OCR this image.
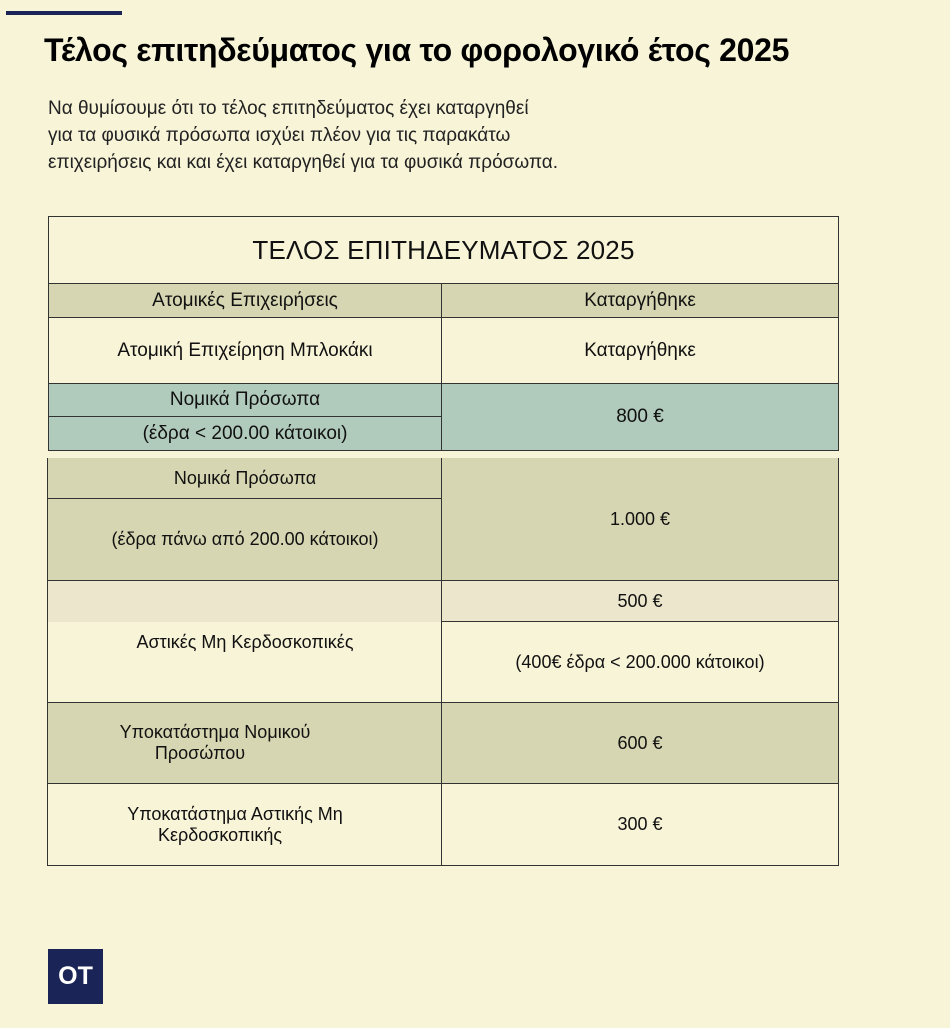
Τέλος επιτηδεύματος για το φορολογικό έτος 2025

Να θυμίσουμε ότι το τέλος επιτηδεύματος έχει καταργηθεί
για τα φυσικά πρόσωπα ισχύει πλέον για τις παρακάτω
επιχειρήσεις και και έχει καταργηθεί για τα φυσικά πρόσωπα.

ΤΕΛΟΣ ΕΠΙΤΗΔΕΥΜΑΤΟΣ 2025
Ατομικές Επιχειρήσεις	Καταργήθηκε
Ατομική Επιχείρηση Μπλοκάκι	Καταργήθηκε
Νομικά Πρόσωπα
(έδρα < 200.00 κάτοικοι)
800 €
Νομικά Πρόσωπα
(έδρα πάνω από 200.00 κάτοικοι)
1.000 €
Αστικές Μη Κερδοσκοπικές
500 €
(400€ έδρα < 200.000 κάτοικοι)
Υποκατάστημα Νομικού
Προσώπου
600 €
Υποκατάστημα Αστικής Μη
Κερδοσκοπικής
300 €
OT
